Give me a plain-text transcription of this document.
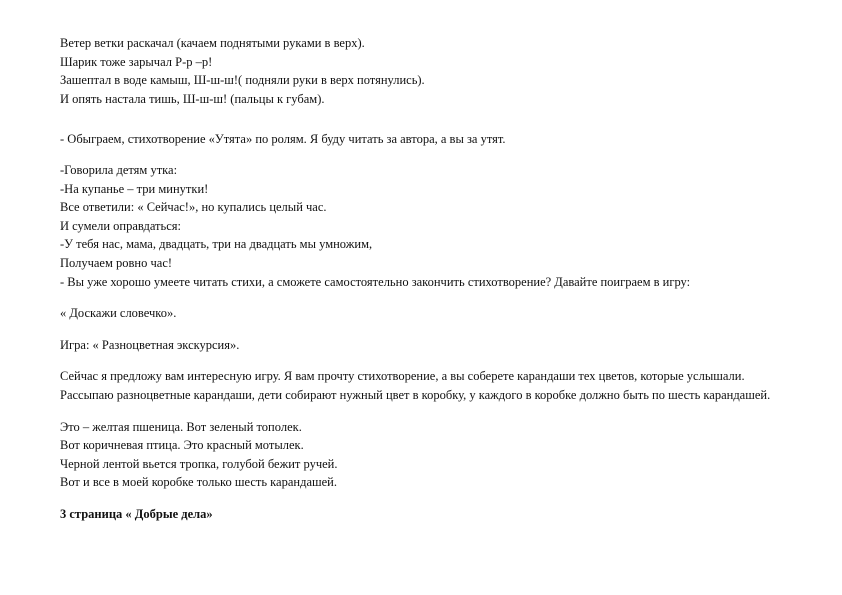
Ветер ветки раскачал (качаем поднятыми руками в верх).

Шарик тоже зарычал Р-р –р!

Зашептал в воде камыш, Ш-ш-ш!( подняли руки в верх потянулись).

И опять настала тишь, Ш-ш-ш! (пальцы к губам).

- Обыграем, стихотворение «Утята» по ролям. Я буду читать за автора, а вы за утят.

-Говорила детям утка:

-На купанье – три минутки!

Все ответили: « Сейчас!», но купались целый час.

И сумели оправдаться:

-У тебя нас, мама, двадцать, три на двадцать мы умножим,

Получаем ровно час!

- Вы уже хорошо умеете читать стихи, а сможете самостоятельно закончить стихотворение? Давайте поиграем в игру:

« Доскажи словечко».

Игра: « Разноцветная экскурсия».

Сейчас я предложу вам интересную игру. Я вам прочту стихотворение, а вы соберете карандаши тех цветов, которые услышали. Рассыпаю разноцветные карандаши, дети собирают нужный цвет в коробку, у каждого в коробке должно быть по шесть карандашей.

Это – желтая пшеница. Вот зеленый тополек.

Вот коричневая птица. Это красный мотылек.

Черной лентой вьется тропка, голубой бежит ручей.

Вот и все в моей коробке только шесть карандашей.

3 страница « Добрые дела»
